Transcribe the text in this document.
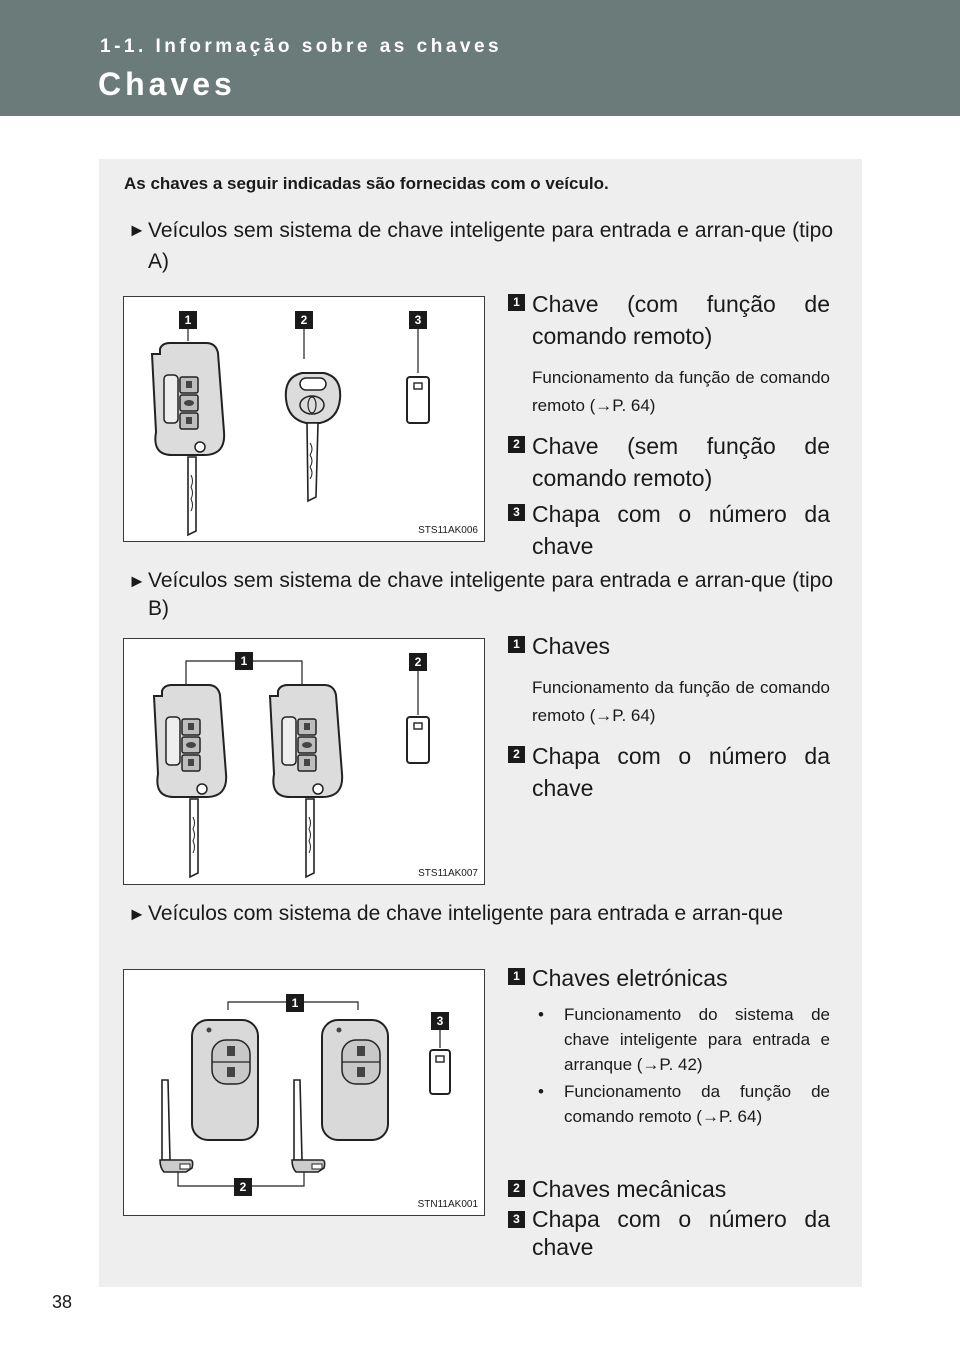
1-1. Informação sobre as chaves
Chaves
As chaves a seguir indicadas são fornecidas com o veículo.
► Veículos sem sistema de chave inteligente para entrada e arran-que (tipo A)
1	2	3
STS11AK006
1 Chave (com função de comando remoto)
Funcionamento da função de comando remoto (→P. 64)
2 Chave (sem função de comando remoto)
3 Chapa com o número da chave
► Veículos sem sistema de chave inteligente para entrada e arran-que (tipo B)
1	2
STS11AK007
1 Chaves
Funcionamento da função de comando remoto (→P. 64)
2 Chapa com o número da chave
► Veículos com sistema de chave inteligente para entrada e arran-que
1
3
2
STN11AK001
1 Chaves eletrónicas
• Funcionamento do sistema de chave inteligente para entrada e arranque (→P. 42)
• Funcionamento da função de comando remoto (→P. 64)
2 Chaves mecânicas
3 Chapa com o número da chave
38
